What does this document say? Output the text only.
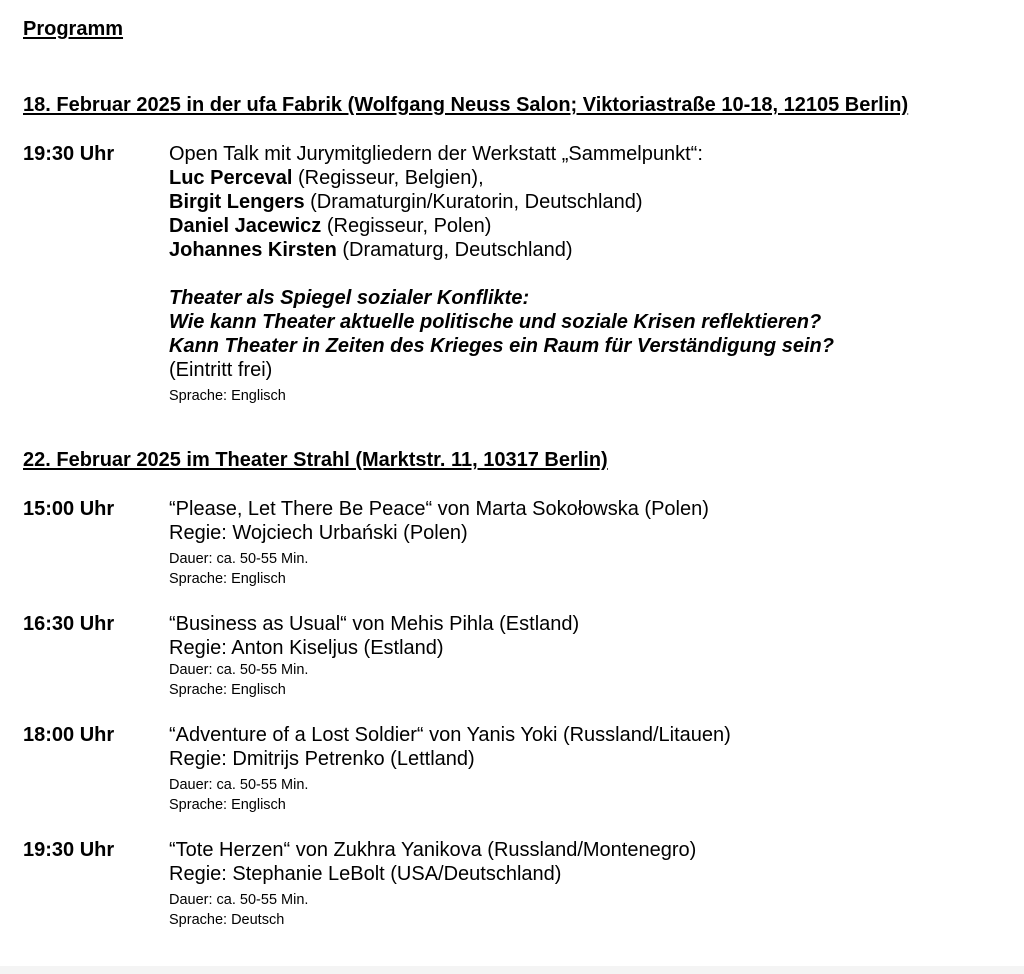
Programm
18. Februar 2025 in der ufa Fabrik (Wolfgang Neuss Salon; Viktoriastraße 10-18, 12105 Berlin)
19:30 Uhr	Open Talk mit Jurymitgliedern der Werkstatt „Sammelpunkt“:
Luc Perceval (Regisseur, Belgien),
Birgit Lengers (Dramaturgin/Kuratorin, Deutschland)
Daniel Jacewicz (Regisseur, Polen)
Johannes Kirsten (Dramaturg, Deutschland)
Theater als Spiegel sozialer Konflikte:
Wie kann Theater aktuelle politische und soziale Krisen reflektieren?
Kann Theater in Zeiten des Krieges ein Raum für Verständigung sein?
(Eintritt frei)
Sprache: Englisch
22. Februar 2025 im Theater Strahl (Marktstr. 11, 10317 Berlin)
15:00 Uhr	“Please, Let There Be Peace“ von Marta Sokołowska (Polen)
Regie: Wojciech Urbański (Polen)
Dauer: ca. 50-55 Min.
Sprache: Englisch
16:30 Uhr	“Business as Usual“ von Mehis Pihla (Estland)
Regie: Anton Kiseljus (Estland)
Dauer: ca. 50-55 Min.
Sprache: Englisch
18:00 Uhr	“Adventure of a Lost Soldier“ von Yanis Yoki (Russland/Litauen)
Regie: Dmitrijs Petrenko (Lettland)
Dauer: ca. 50-55 Min.
Sprache: Englisch
19:30 Uhr	“Tote Herzen“ von Zukhra Yanikova (Russland/Montenegro)
Regie: Stephanie LeBolt (USA/Deutschland)
Dauer: ca. 50-55 Min.
Sprache: Deutsch
